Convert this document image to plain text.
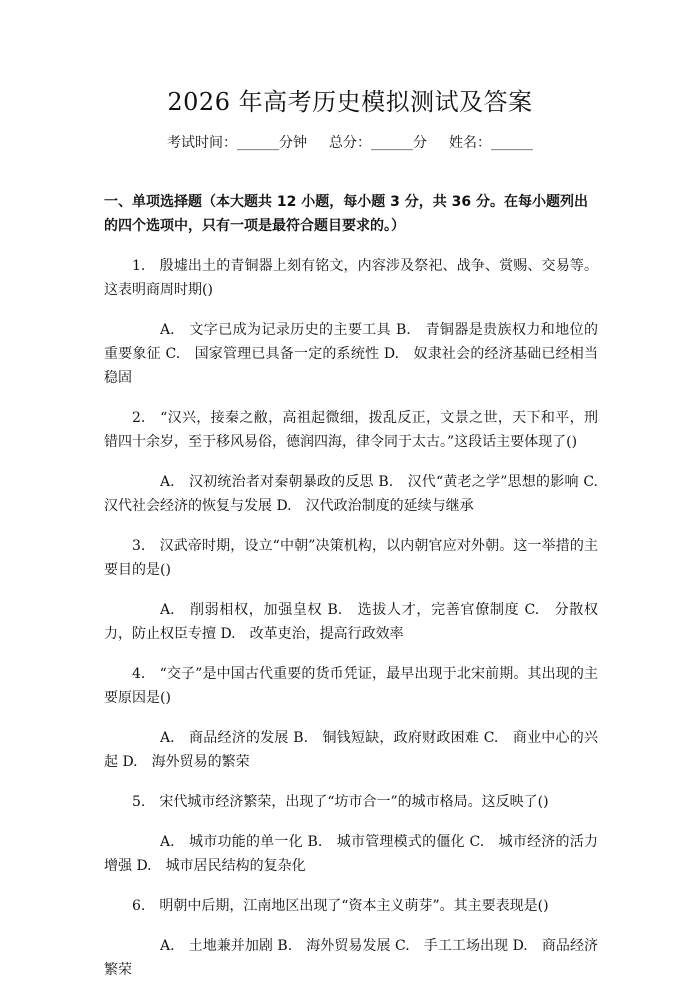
2026 年高考历史模拟测试及答案
考试时间：______分钟 总分：______分 姓名：______
一、单项选择题（本大题共 12 小题，每小题 3 分，共 36 分。在每小题列出的四个选项中，只有一项是最符合题目要求的。）
1.　殷墟出土的青铜器上刻有铭文，内容涉及祭祀、战争、赏赐、交易等。这表明商周时期()
A.　文字已成为记录历史的主要工具 B.　青铜器是贵族权力和地位的重要象征 C.　国家管理已具备一定的系统性 D.　奴隶社会的经济基础已经相当稳固
2.　“汉兴，接秦之敝，高祖起微细，拨乱反正，文景之世，天下和平，刑错四十余岁，至于移风易俗，德润四海，律令同于太古。”这段话主要体现了()
A.　汉初统治者对秦朝暴政的反思 B.　汉代“黄老之学”思想的影响 C.　汉代社会经济的恢复与发展 D.　汉代政治制度的延续与继承
3.　汉武帝时期，设立“中朝”决策机构，以内朝官应对外朝。这一举措的主要目的是()
A.　削弱相权，加强皇权 B.　选拔人才，完善官僚制度 C.　分散权力，防止权臣专擅 D.　改革吏治，提高行政效率
4.　“交子”是中国古代重要的货币凭证，最早出现于北宋前期。其出现的主要原因是()
A.　商品经济的发展 B.　铜钱短缺，政府财政困难 C.　商业中心的兴起 D.　海外贸易的繁荣
5.　宋代城市经济繁荣，出现了“坊市合一”的城市格局。这反映了()
A.　城市功能的单一化 B.　城市管理模式的僵化 C.　城市经济的活力增强 D.　城市居民结构的复杂化
6.　明朝中后期，江南地区出现了“资本主义萌芽”。其主要表现是()
A.　土地兼并加剧 B.　海外贸易发展 C.　手工工场出现 D.　商品经济繁荣
